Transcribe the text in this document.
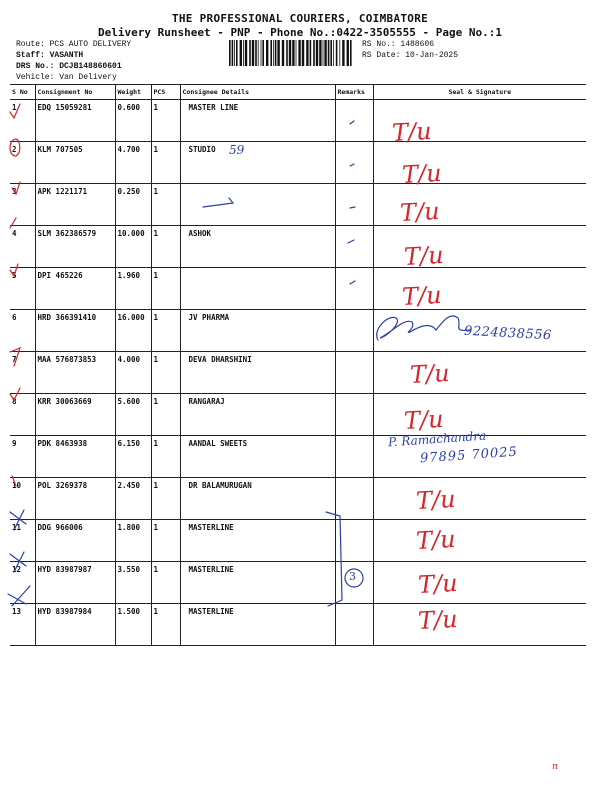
THE PROFESSIONAL COURIERS, COIMBATORE
Delivery Runsheet - PNP - Phone No.:0422-3505555 - Page No.:1
Route: PCS AUTO DELIVERY
Staff: VASANTH
DRS No.: DCJB148860601
Vehicle: Van Delivery
RS No.: 1488606
RS Date: 10-Jan-2025
S No	Consignment No	Weight	PCS	Consignee Details	Remarks	Seal & Signature
1	EDQ 15059281	0.600	1	MASTER LINE		
2	KLM 707505	4.700	1	STUDIO		
3	APK 1221171	0.250	1			
4	SLM 362386579	10.000	1	ASHOK		
5	DPI 465226	1.960	1			
6	HRD 366391410	16.000	1	JV PHARMA		
7	MAA 576873853	4.000	1	DEVA DHARSHINI		
8	KRR 30063669	5.600	1	RANGARAJ		
9	PDK 8463938	6.150	1	AANDAL SWEETS		
10	POL 3269378	2.450	1	DR BALAMURUGAN		
11	DDG 966006	1.800	1	MASTERLINE		
12	HYD 83987987	3.550	1	MASTERLINE		
13	HYD 83987984	1.500	1	MASTERLINE		
59
T/u
T/u
T/u
T/u
T/u
T/u
T/u
T/u
T/u
T/u
T/u
P. Ramachandra
97895 70025
9224838556
3
n
